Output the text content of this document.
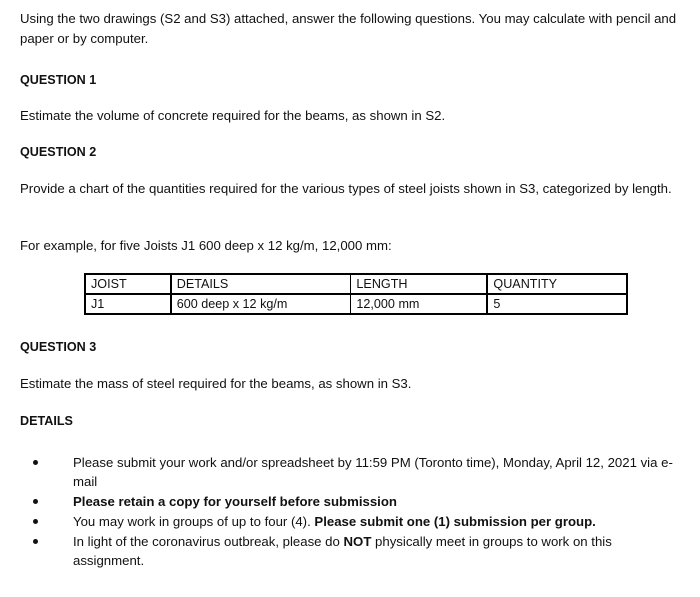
Using the two drawings (S2 and S3) attached, answer the following questions. You may calculate with pencil and paper or by computer.

QUESTION 1

Estimate the volume of concrete required for the beams, as shown in S2.

QUESTION 2

Provide a chart of the quantities required for the various types of steel joists shown in S3, categorized by length.

For example, for five Joists J1 600 deep x 12 kg/m, 12,000 mm:

JOIST	DETAILS	LENGTH	QUANTITY
J1	600 deep x 12 kg/m	12,000 mm	5

QUESTION 3

Estimate the mass of steel required for the beams, as shown in S3.

DETAILS

Please submit your work and/or spreadsheet by 11:59 PM (Toronto time), Monday, April 12, 2021 via e-mail
Please retain a copy for yourself before submission
You may work in groups of up to four (4). Please submit one (1) submission per group.
In light of the coronavirus outbreak, please do NOT physically meet in groups to work on this assignment.
